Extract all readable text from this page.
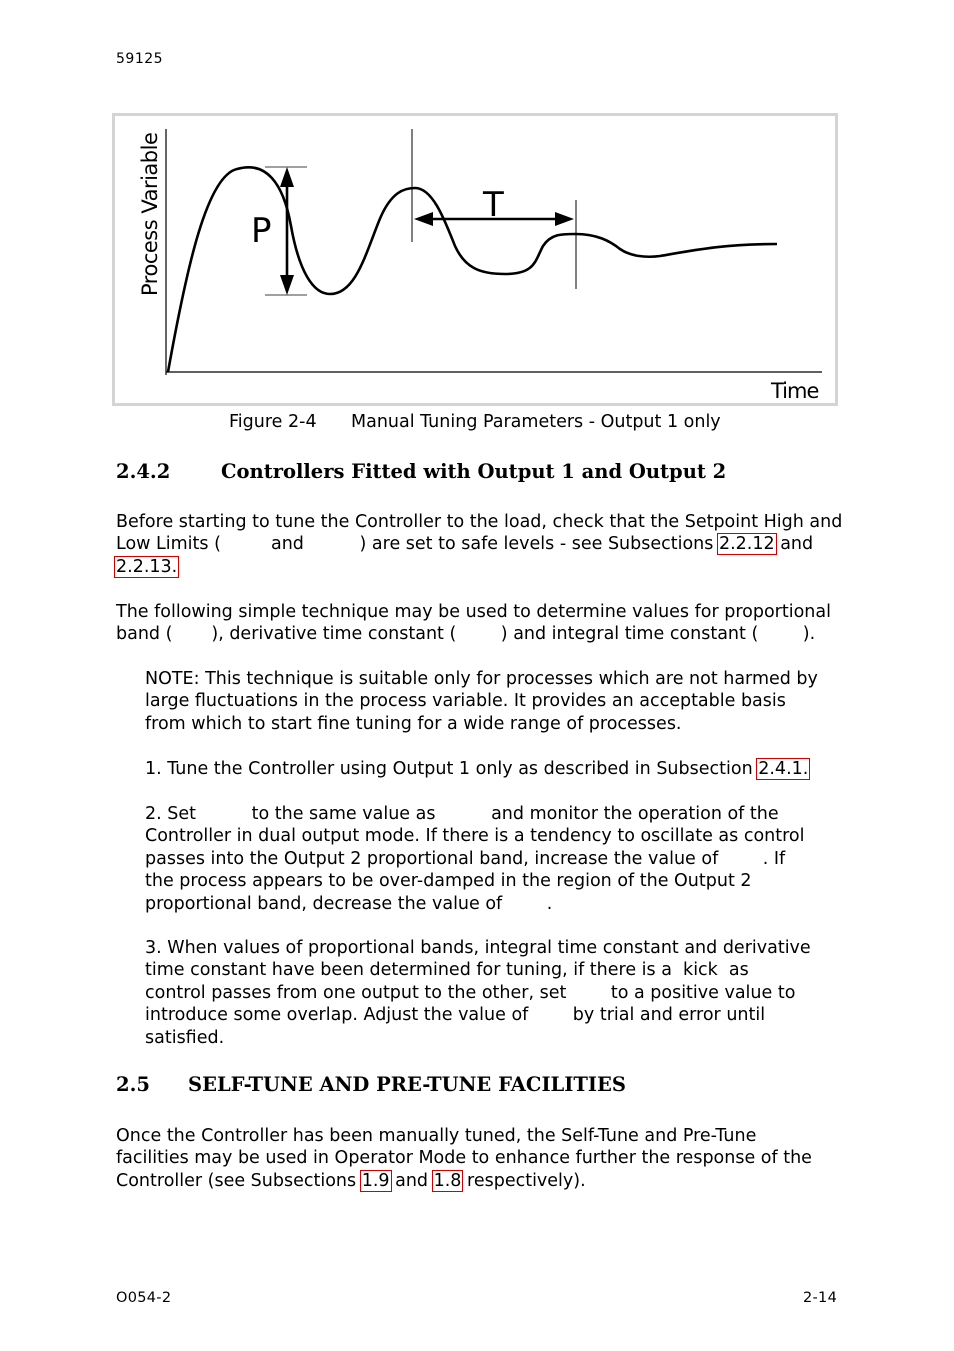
59125
P
T
Time
Process Variable
Figure 2-4 Manual Tuning Parameters - Output 1 only
2.4.2	Controllers Fitted with Output 1 and Output 2
Before starting to tune the Controller to the load, check that the Setpoint High and
Low Limits (         and          ) are set to safe levels - see Subsections 2.2.12 and
2.2.13.
The following simple technique may be used to determine values for proportional
band (       ), derivative time constant (        ) and integral time constant (        ).
NOTE: This technique is suitable only for processes which are not harmed by
large fluctuations in the process variable. It provides an acceptable basis
from which to start fine tuning for a wide range of processes.
1. Tune the Controller using Output 1 only as described in Subsection 2.4.1.
2. Set          to the same value as          and monitor the operation of the
Controller in dual output mode. If there is a tendency to oscillate as control
passes into the Output 2 proportional band, increase the value of        . If
the process appears to be over-damped in the region of the Output 2
proportional band, decrease the value of        .
3. When values of proportional bands, integral time constant and derivative
time constant have been determined for tuning, if there is a  kick  as
control passes from one output to the other, set        to a positive value to
introduce some overlap. Adjust the value of        by trial and error until
satisfied.
2.5 SELF-TUNE AND PRE-TUNE FACILITIES
Once the Controller has been manually tuned, the Self-Tune and Pre-Tune
facilities may be used in Operator Mode to enhance further the response of the
Controller (see Subsections 1.9 and 1.8 respectively).
O054-2	2-14
